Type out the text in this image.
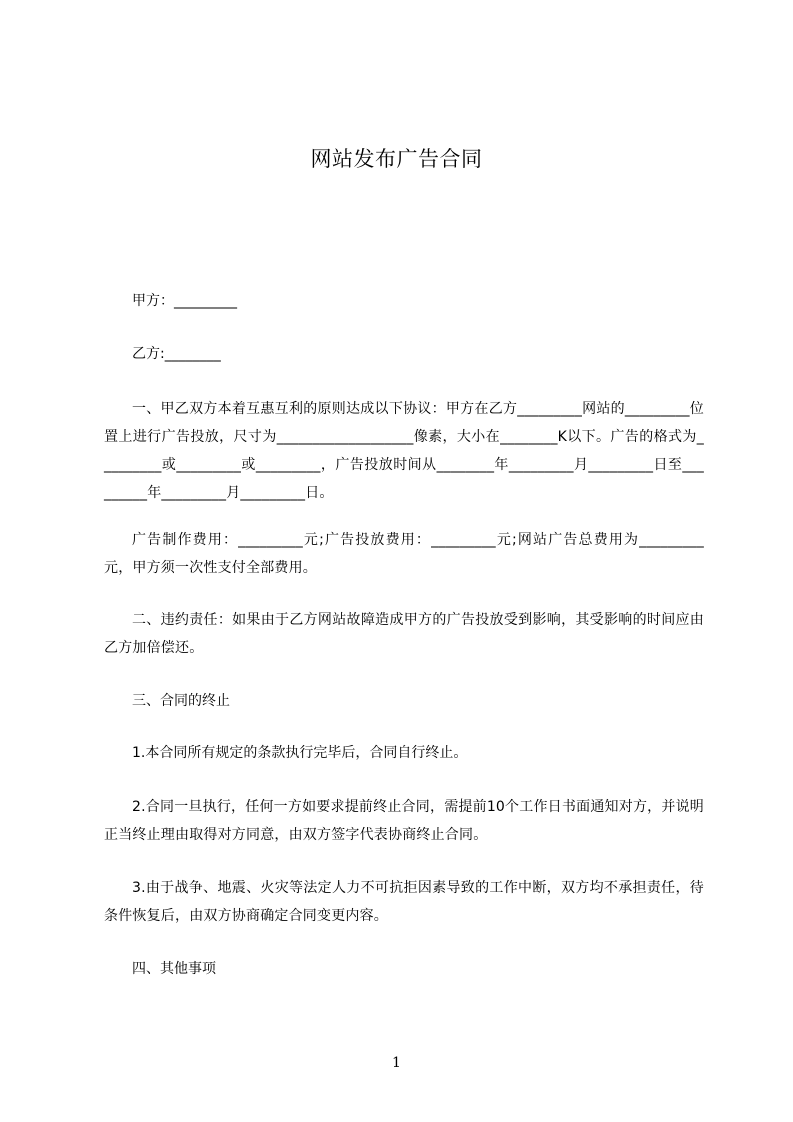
网站发布广告合同
甲方：_________
乙方:________
一、甲乙双方本着互惠互利的原则达成以下协议：甲方在乙方_________网站的_________位置上进行广告投放，尺寸为___________________像素，大小在________K以下。广告的格式为_________或_________或_________，广告投放时间从________年_________月_________日至_________年_________月_________日。
广告制作费用：_________元;广告投放费用：_________元;网站广告总费用为_________元，甲方须一次性支付全部费用。
二、违约责任：如果由于乙方网站故障造成甲方的广告投放受到影响，其受影响的时间应由乙方加倍偿还。
三、合同的终止
1.本合同所有规定的条款执行完毕后，合同自行终止。
2.合同一旦执行，任何一方如要求提前终止合同，需提前10个工作日书面通知对方，并说明正当终止理由取得对方同意，由双方签字代表协商终止合同。
3.由于战争、地震、火灾等法定人力不可抗拒因素导致的工作中断，双方均不承担责任，待条件恢复后，由双方协商确定合同变更内容。
四、其他事项
1
